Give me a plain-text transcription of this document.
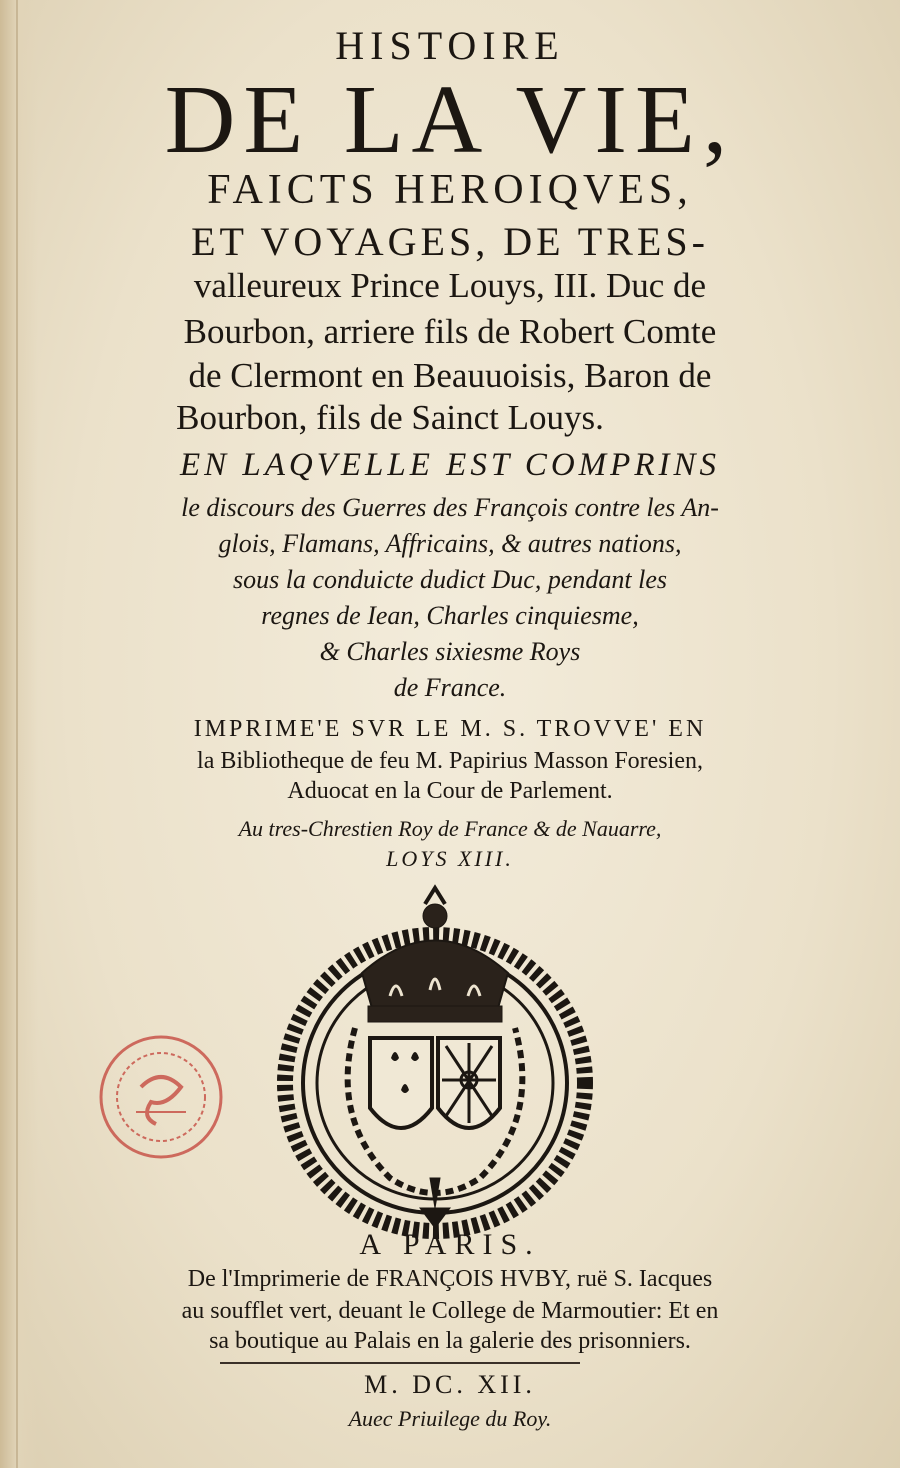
HISTOIRE
DE LA VIE,
FAICTS HEROIQVES,
ET VOYAGES, DE TRES-
valleureux Prince Louys, III. Duc de
Bourbon, arriere fils de Robert Comte
de Clermont en Beauuoisis, Baron de
Bourbon, fils de Sainct Louys.
EN LAQVELLE EST COMPRINS
le discours des Guerres des François contre les An-
glois, Flamans, Affricains, & autres nations,
sous la conduicte dudict Duc, pendant les
regnes de Iean, Charles cinquiesme,
& Charles sixiesme Roys
de France.
IMPRIME'E SVR LE M. S. TROVVE' EN
la Bibliotheque de feu M. Papirius Masson Foresien,
Aduocat en la Cour de Parlement.
Au tres-Chrestien Roy de France & de Nauarre,
LOYS XIII.
A PARIS.
De l'Imprimerie de FRANÇOIS HVBY, ruë S. Iacques
au soufflet vert, deuant le College de Marmoutier: Et en
sa boutique au Palais en la galerie des prisonniers.
M. DC. XII.
Auec Priuilege du Roy.
